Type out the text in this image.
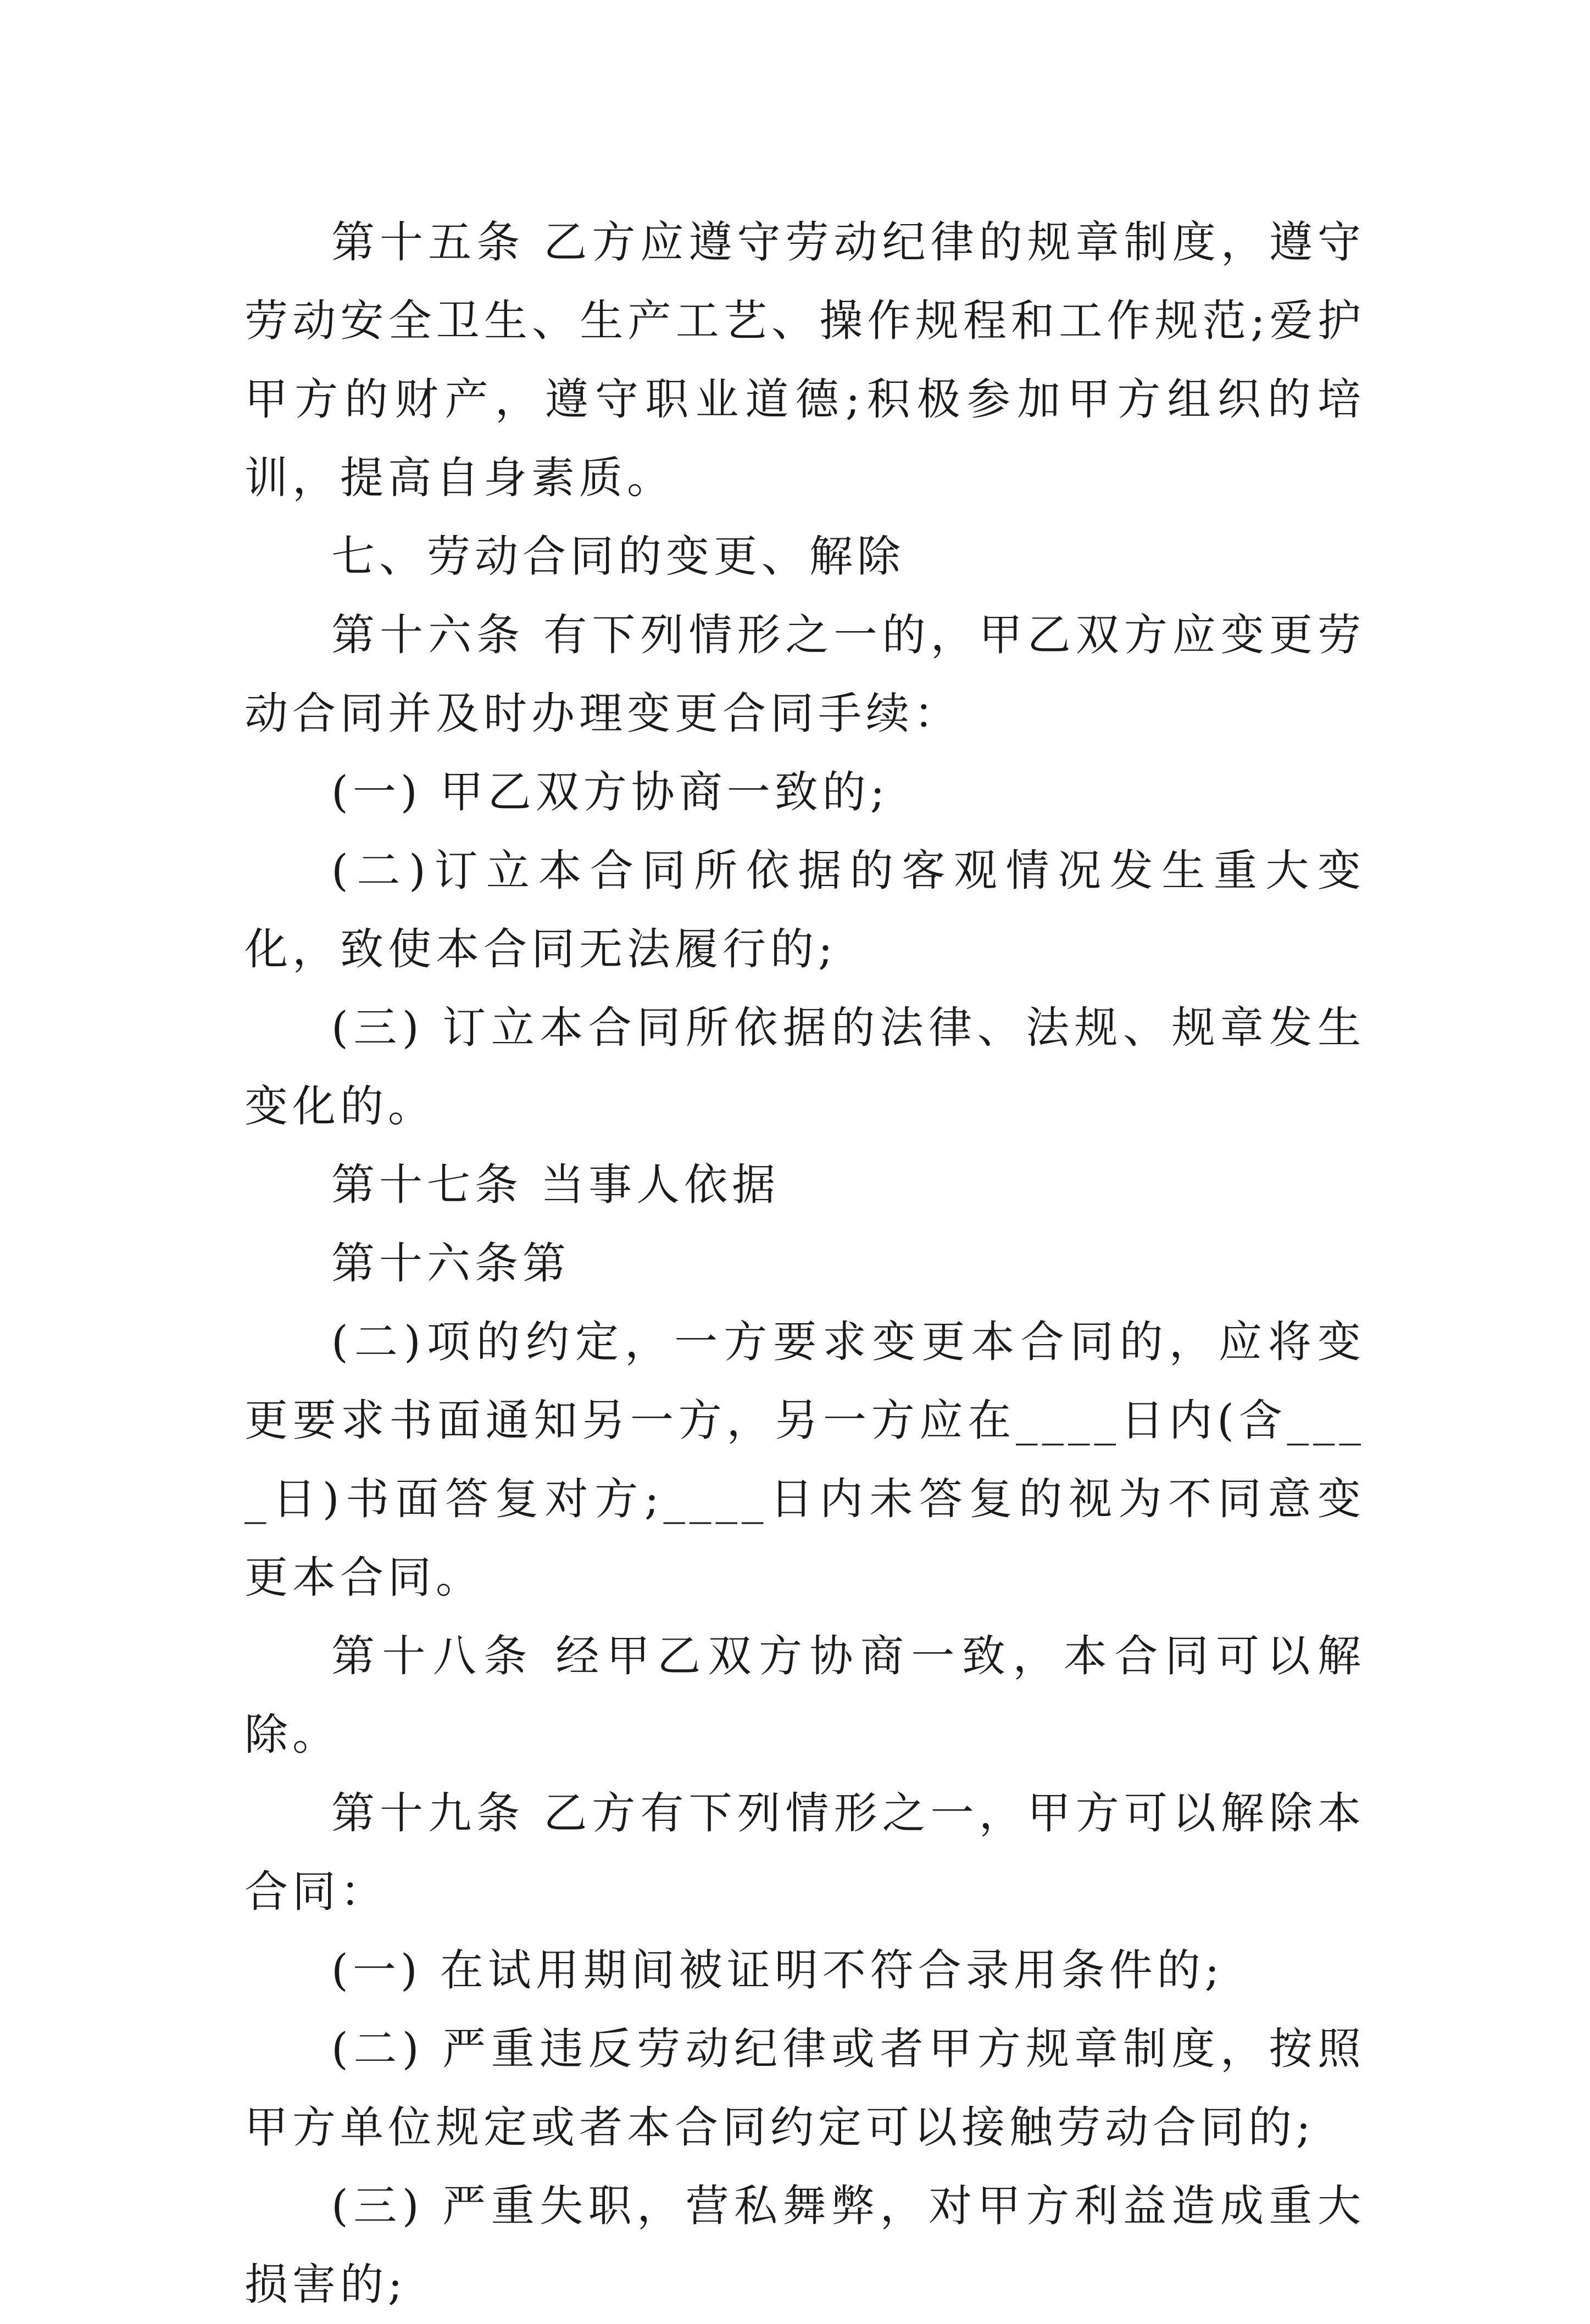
第十五条 乙方应遵守劳动纪律的规章制度，遵守劳动安全卫生、生产工艺、操作规程和工作规范;爱护甲方的财产，遵守职业道德;积极参加甲方组织的培训，提高自身素质。

七、劳动合同的变更、解除

第十六条 有下列情形之一的，甲乙双方应变更劳动合同并及时办理变更合同手续：

(一) 甲乙双方协商一致的;

(二)订立本合同所依据的客观情况发生重大变化，致使本合同无法履行的;

(三) 订立本合同所依据的法律、法规、规章发生变化的。

第十七条 当事人依据

第十六条第

(二)项的约定，一方要求变更本合同的，应将变更要求书面通知另一方，另一方应在____日内(含____日)书面答复对方;____日内未答复的视为不同意变更本合同。

第十八条 经甲乙双方协商一致，本合同可以解除。

第十九条 乙方有下列情形之一，甲方可以解除本合同：

(一) 在试用期间被证明不符合录用条件的;

(二) 严重违反劳动纪律或者甲方规章制度，按照甲方单位规定或者本合同约定可以接触劳动合同的;

(三) 严重失职，营私舞弊，对甲方利益造成重大损害的;
